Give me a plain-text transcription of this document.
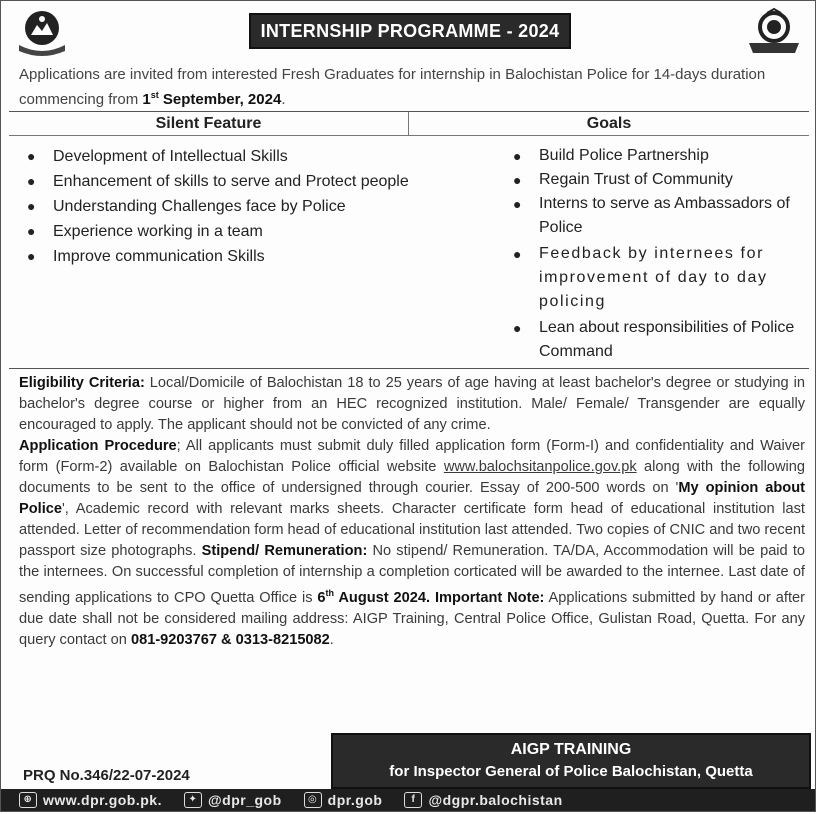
INTERNSHIP PROGRAMME - 2024
Applications are invited from interested Fresh Graduates for internship in Balochistan Police for 14-days duration commencing from 1st September, 2024.
Silent Feature	Goals
● Development of Intellectual Skills
● Enhancement of skills to serve and Protect people
● Understanding Challenges face by Police
● Experience working in a team
● Improve communication Skills
● Build Police Partnership
● Regain Trust of Community
● Interns to serve as Ambassadors of Police
● Feedback by internees for improvement of day to day policing
● Lean about responsibilities of Police Command
Eligibility Criteria: Local/Domicile of Balochistan 18 to 25 years of age having at least bachelor's degree or studying in bachelor's degree course or higher from an HEC recognized institution. Male/ Female/ Transgender are equally encouraged to apply. The applicant should not be convicted of any crime.
Application Procedure; All applicants must submit duly filled application form (Form-I) and confidentiality and Waiver form (Form-2) available on Balochistan Police official website www.balochsitanpolice.gov.pk along with the following documents to be sent to the office of undersigned through courier. Essay of 200-500 words on 'My opinion about Police', Academic record with relevant marks sheets. Character certificate form head of educational institution last attended. Letter of recommendation form head of educational institution last attended. Two copies of CNIC and two recent passport size photographs. Stipend/ Remuneration: No stipend/ Remuneration. TA/DA, Accommodation will be paid to the internees. On successful completion of internship a completion corticated will be awarded to the internee. Last date of sending applications to CPO Quetta Office is 6th August 2024. Important Note: Applications submitted by hand or after due date shall not be considered mailing address: AIGP Training, Central Police Office, Gulistan Road, Quetta. For any query contact on 081-9203767 & 0313-8215082.
PRQ No.346/22-07-2024
AIGP TRAINING
for Inspector General of Police Balochistan, Quetta
⊕ www.dpr.gob.pk.	✦ @dpr_gob	◎ dpr.gob	f @dgpr.balochistan
